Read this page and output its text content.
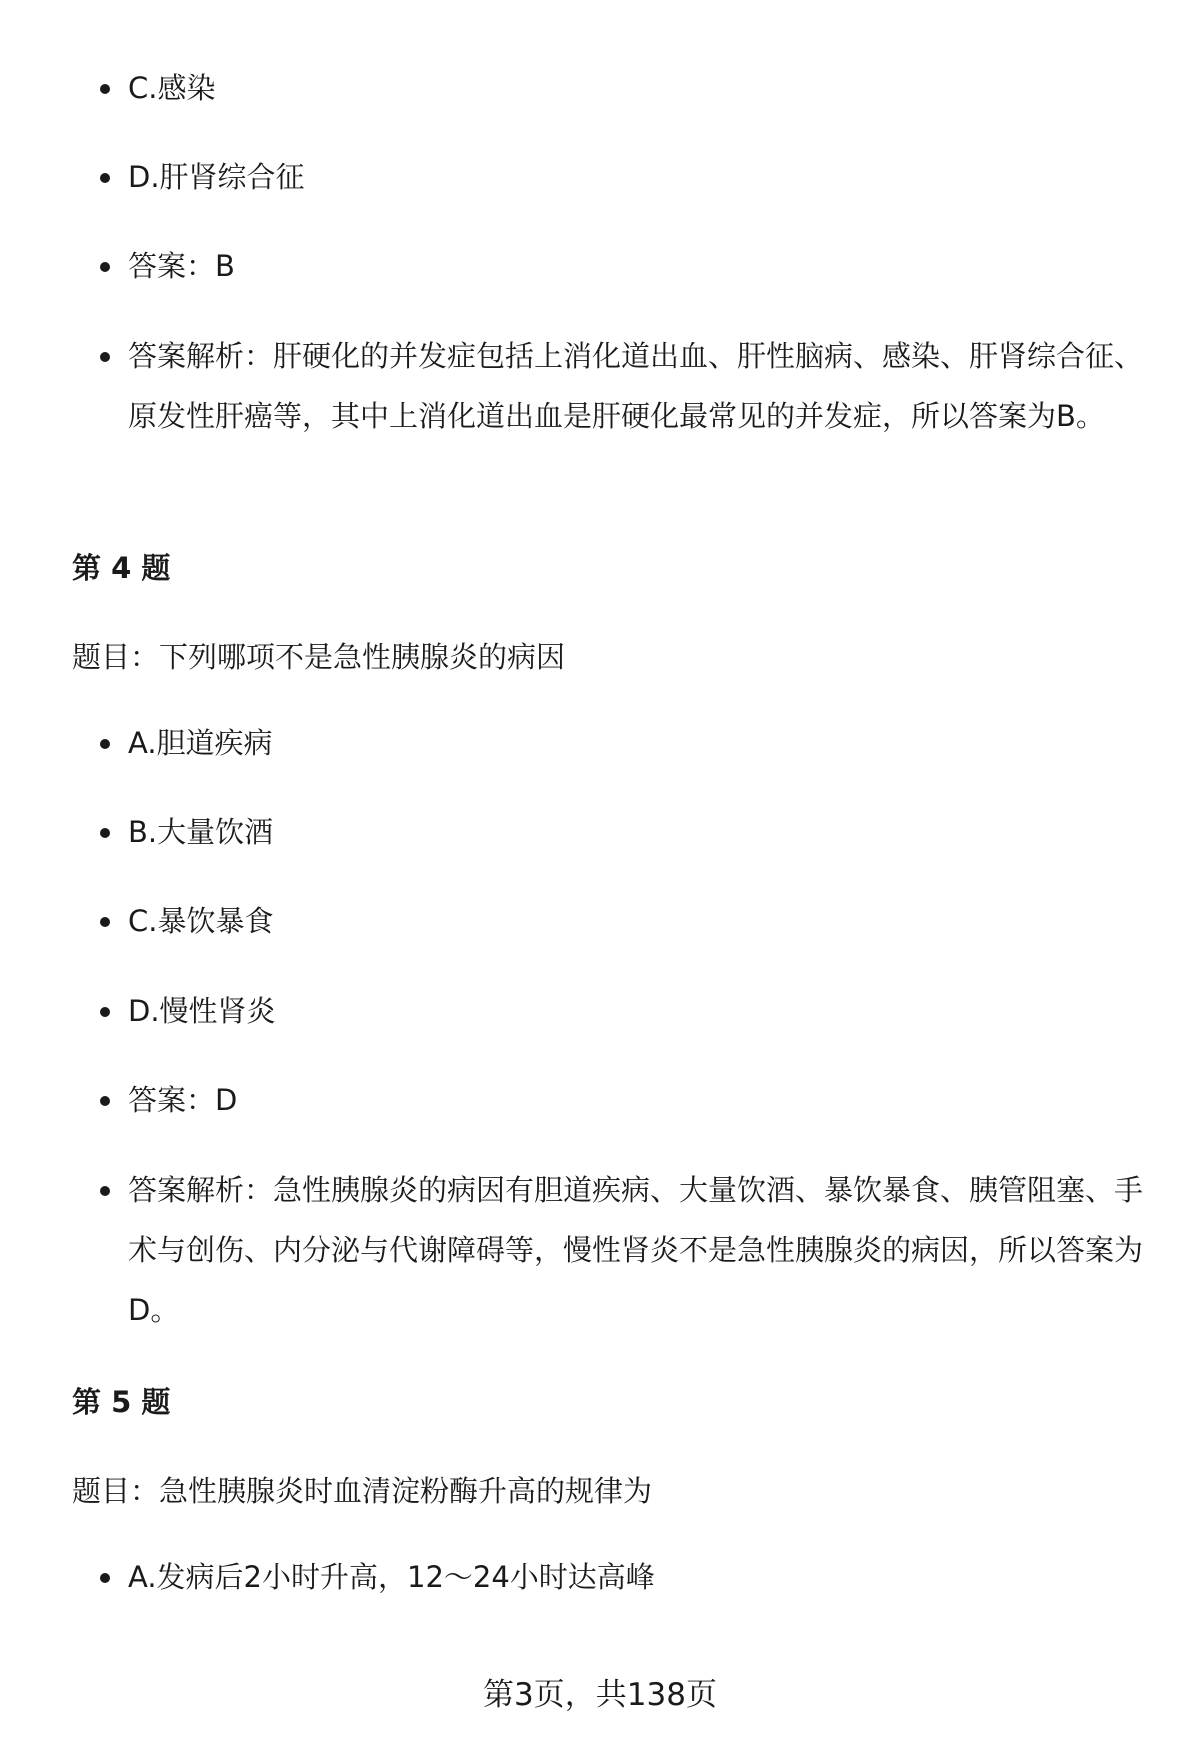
C.感染
D.肝肾综合征
答案：B
答案解析：肝硬化的并发症包括上消化道出血、肝性脑病、感染、肝肾综合征、原发性肝癌等，其中上消化道出血是肝硬化最常见的并发症，所以答案为B。
第 4 题
题目：下列哪项不是急性胰腺炎的病因
A.胆道疾病
B.大量饮酒
C.暴饮暴食
D.慢性肾炎
答案：D
答案解析：急性胰腺炎的病因有胆道疾病、大量饮酒、暴饮暴食、胰管阻塞、手术与创伤、内分泌与代谢障碍等，慢性肾炎不是急性胰腺炎的病因，所以答案为D。
第 5 题
题目：急性胰腺炎时血清淀粉酶升高的规律为
A.发病后2小时升高，12～24小时达高峰
第3页，共138页
